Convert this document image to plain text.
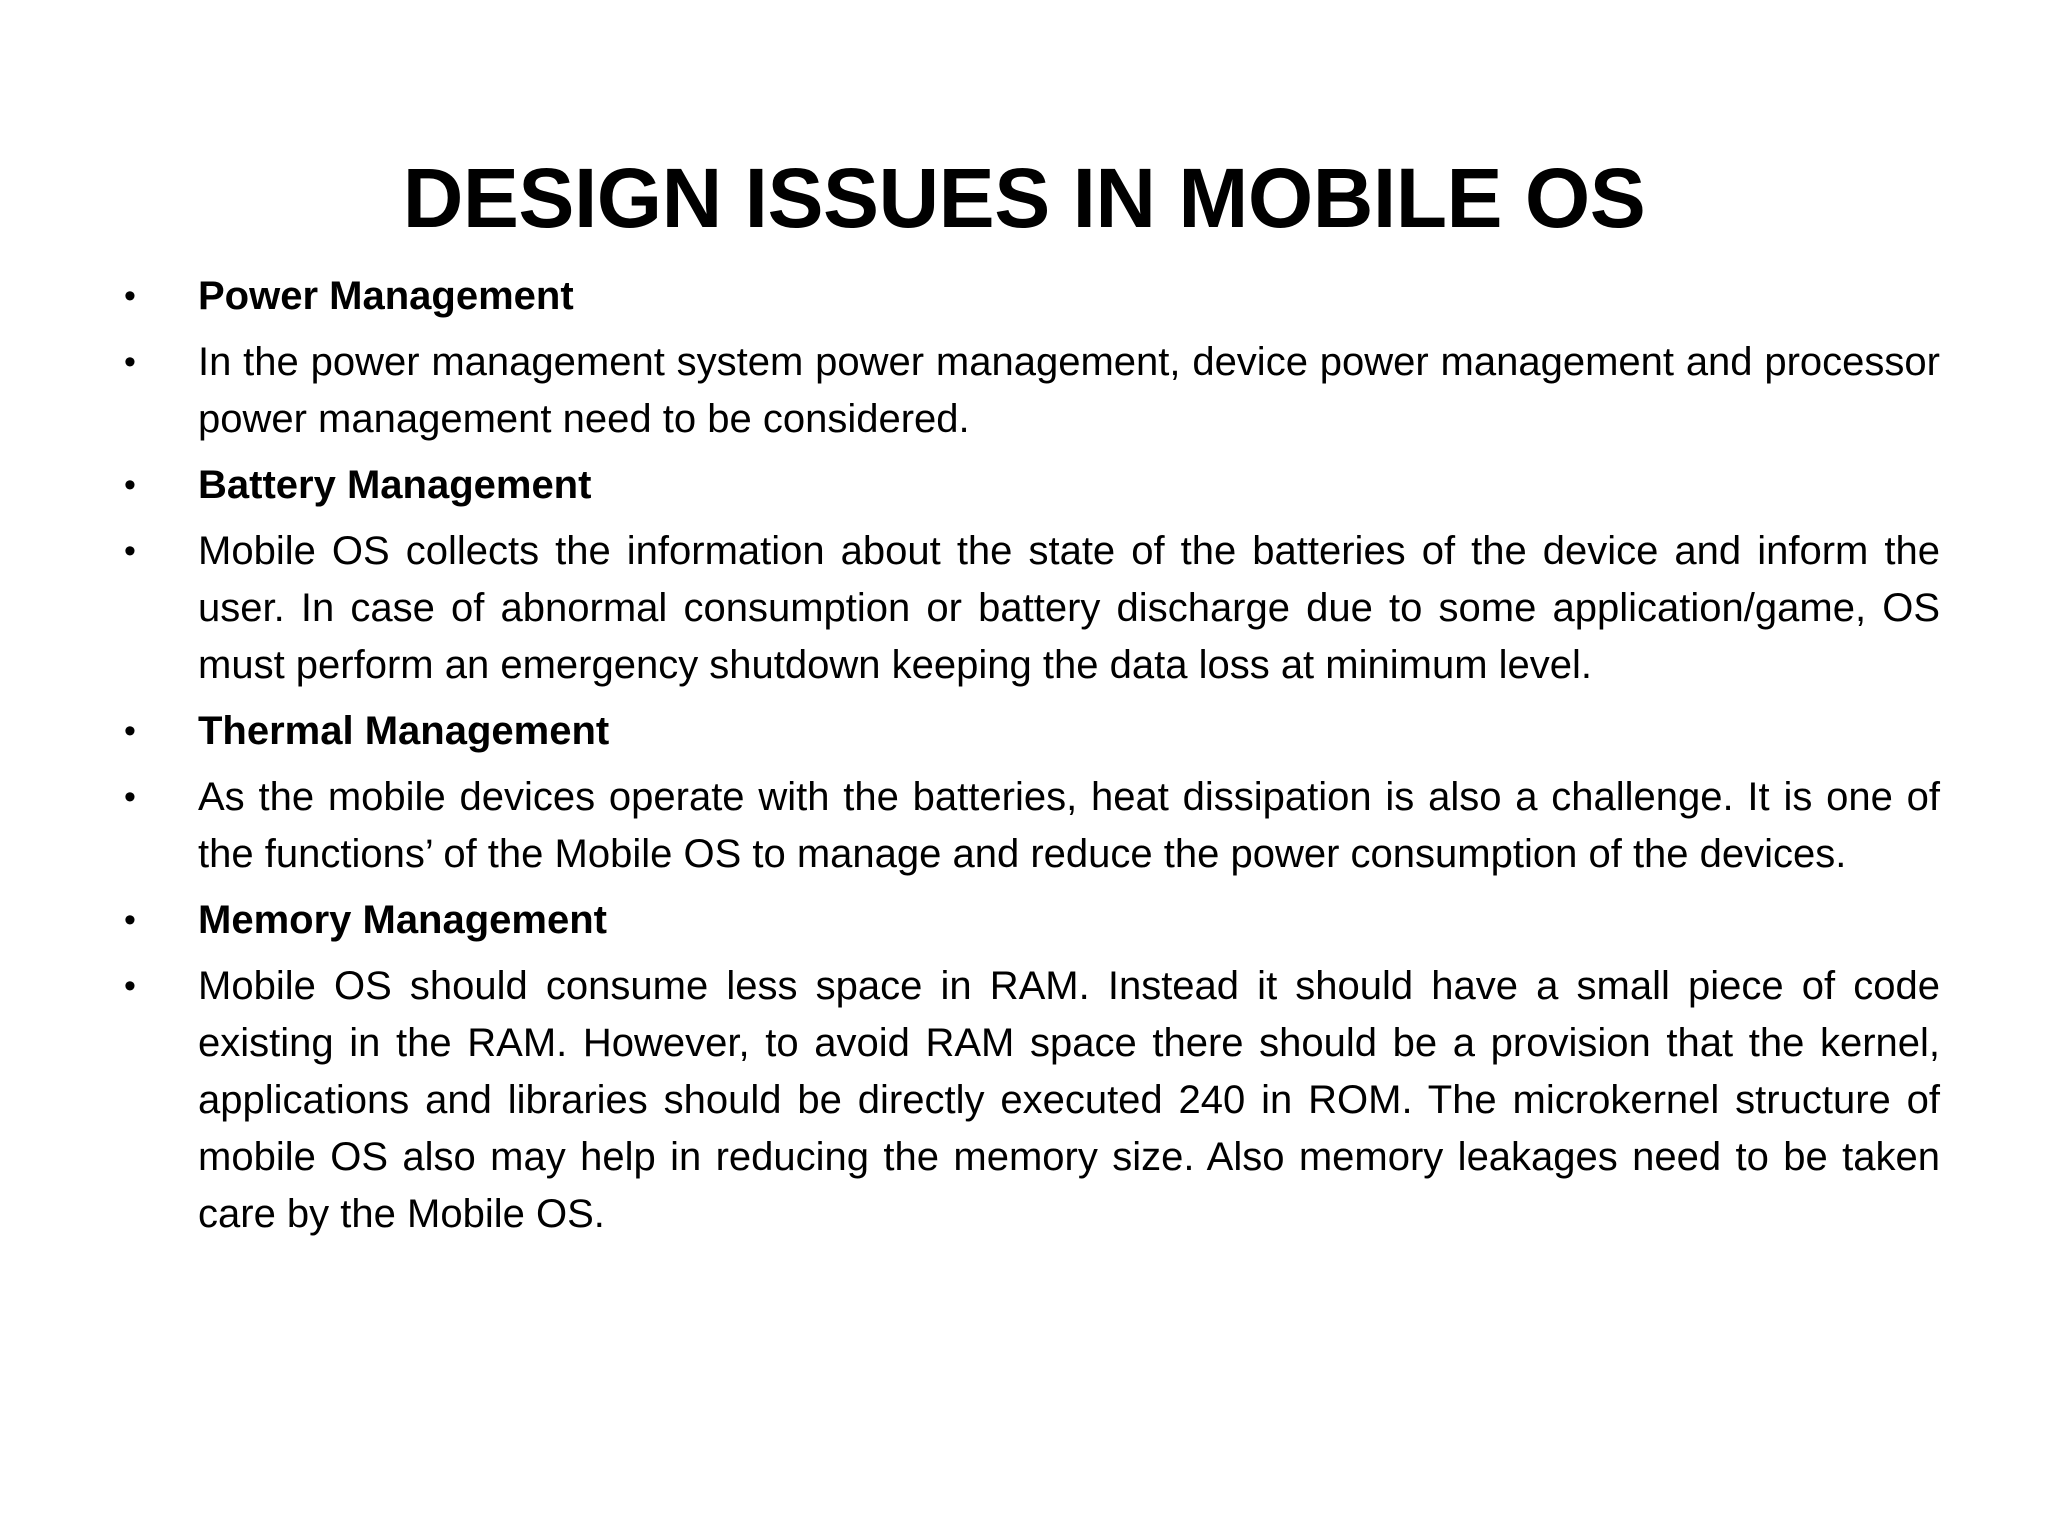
DESIGN ISSUES IN MOBILE OS
•	Power Management
•	In the power management system power management, device power management and processor power management need to be considered.
•	Battery Management
•	Mobile OS collects the information about the state of the batteries of the device and inform the user. In case of abnormal consumption or battery discharge due to some application/game, OS must perform an emergency shutdown keeping the data loss at minimum level.
•	Thermal Management
•	As the mobile devices operate with the batteries, heat dissipation is also a challenge. It is one of the functions’ of the Mobile OS to manage and reduce the power consumption of the devices.
•	Memory Management
•	Mobile OS should consume less space in RAM. Instead it should have a small piece of code existing in the RAM. However, to avoid RAM space there should be a provision that the kernel, applications and libraries should be directly executed 240 in ROM. The microkernel structure of mobile OS also may help in reducing the memory size. Also memory leakages need to be taken care by the Mobile OS.
